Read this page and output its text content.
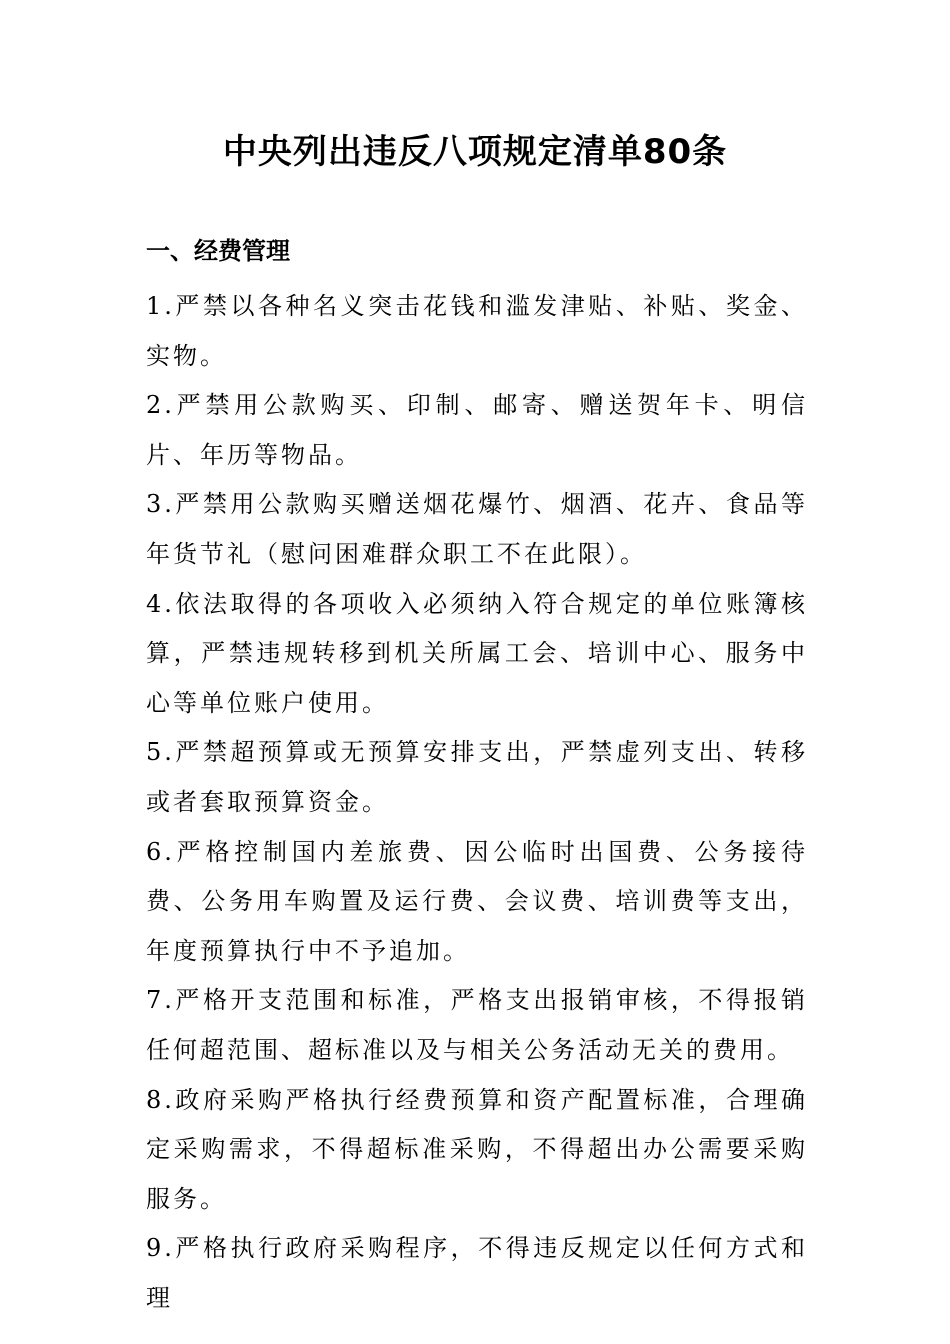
中央列出违反八项规定清单80条
一、经费管理

1.严禁以各种名义突击花钱和滥发津贴、补贴、奖金、实物。

2.严禁用公款购买、印制、邮寄、赠送贺年卡、明信片、年历等物品。

3.严禁用公款购买赠送烟花爆竹、烟酒、花卉、食品等年货节礼（慰问困难群众职工不在此限）。

4.依法取得的各项收入必须纳入符合规定的单位账簿核算，严禁违规转移到机关所属工会、培训中心、服务中心等单位账户使用。

5.严禁超预算或无预算安排支出，严禁虚列支出、转移或者套取预算资金。

6.严格控制国内差旅费、因公临时出国费、公务接待费、公务用车购置及运行费、会议费、培训费等支出，年度预算执行中不予追加。

7.严格开支范围和标准，严格支出报销审核，不得报销任何超范围、超标准以及与相关公务活动无关的费用。

8.政府采购严格执行经费预算和资产配置标准，合理确定采购需求，不得超标准采购，不得超出办公需要采购服务。

9.严格执行政府采购程序，不得违反规定以任何方式和理
